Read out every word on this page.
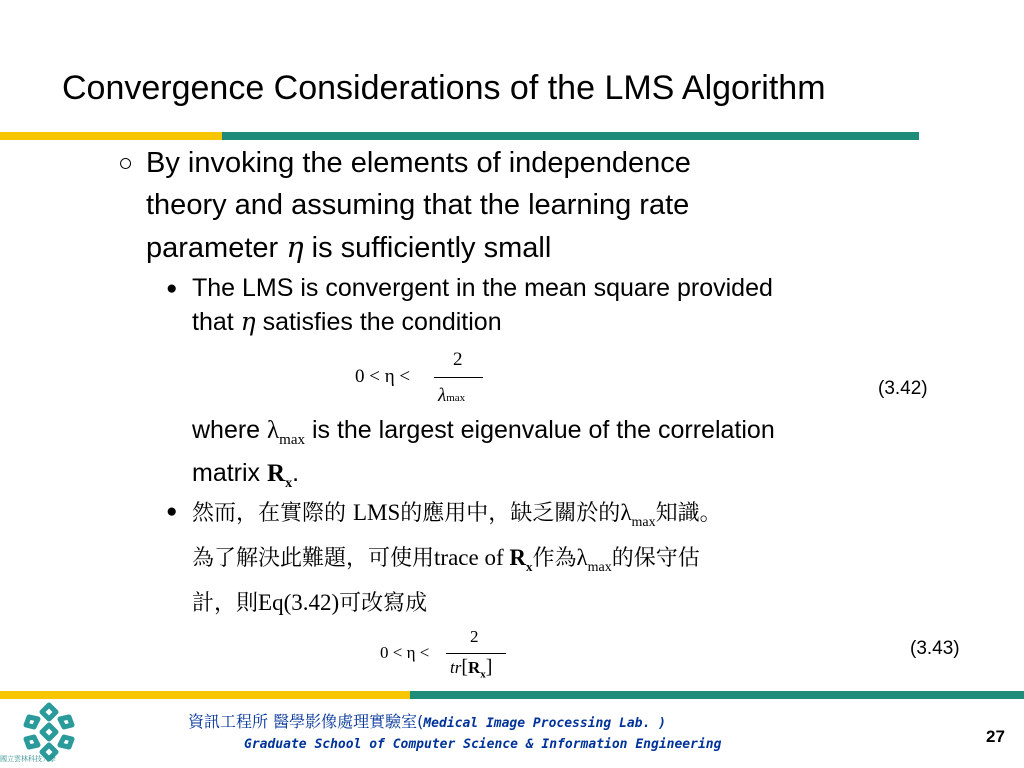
Convergence Considerations of the LMS Algorithm
○ By invoking the elements of independence
theory and assuming that the learning rate
parameter η is sufficiently small
● The LMS is convergent in the mean square provided
that η satisfies the condition
0 < η <
2
λmax	(3.42)
where $\lambda_{max}$ is the largest eigenvalue of the correlation
matrix $R_x$.
● 然而，在實際的 LMS的應用中，缺乏關於的$\lambda_{max}$知識。
為了解決此難題，可使用trace of $R_x$作為$\lambda_{max}$的保守估
計，則Eq(3.42)可改寫成
0 < η <
2
$tr[R_x]$
(3.43)
國立雲林科技大學
資訊工程所 醫學影像處理實驗室(Medical Image Processing Lab. )
Graduate School of Computer Science & Information Engineering	27
